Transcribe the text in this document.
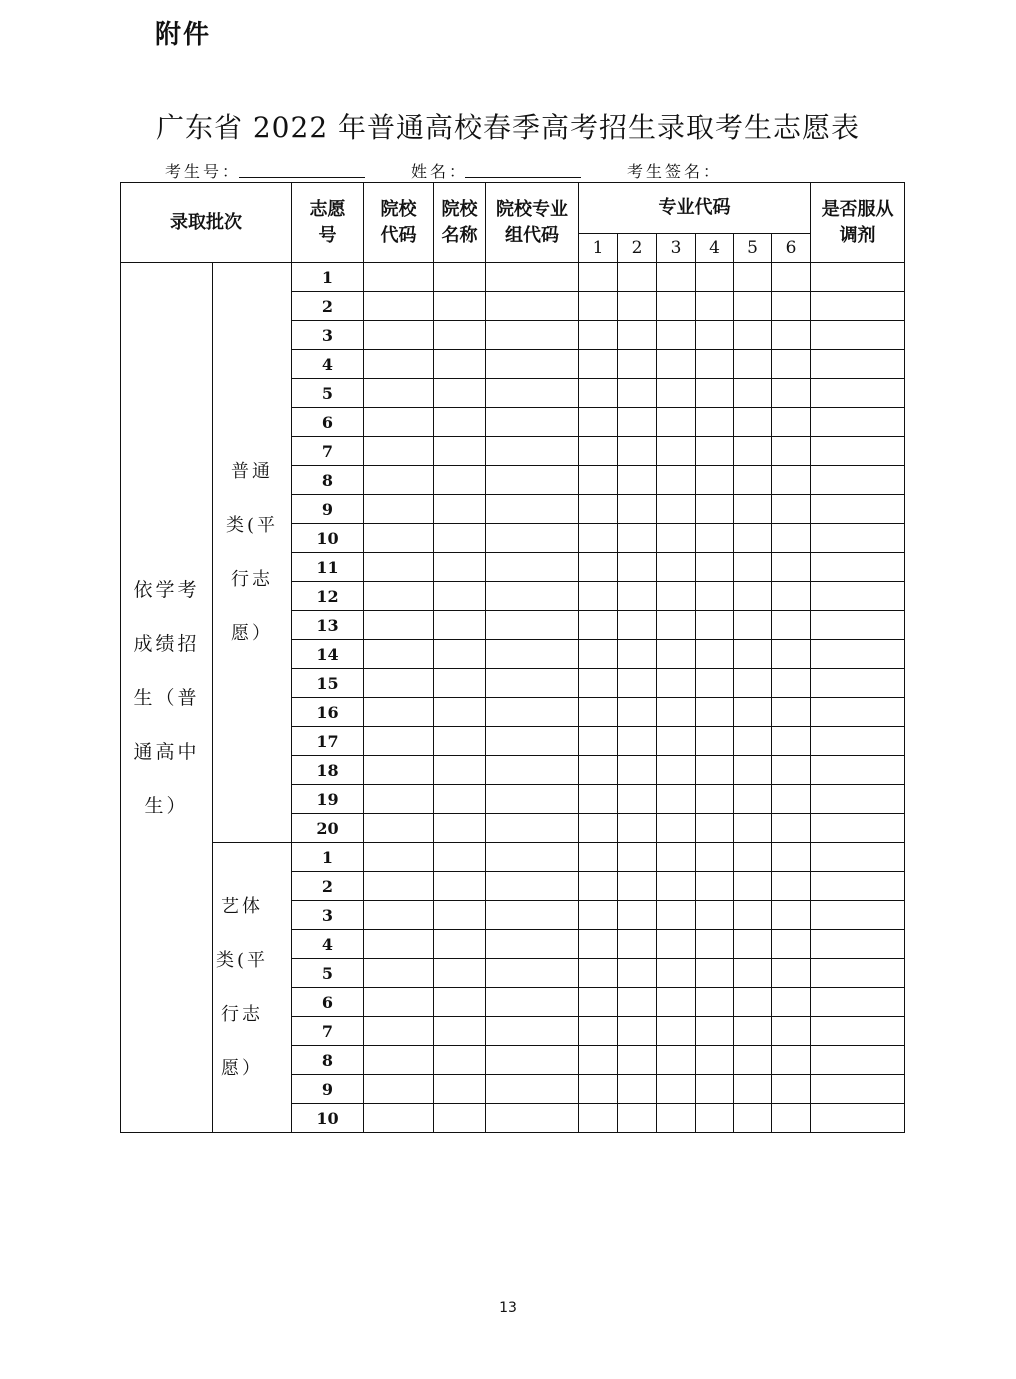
附件
广东省 2022 年普通高校春季高考招生录取考生志愿表
考生号：	姓名：	考生签名：
录取批次		志愿号	院校代码	院校名称	院校专业组代码	专业代码						是否服从调剂
						1	2	3	4	5	6	
依学考成绩招生（普通高中生）	普通类(平行志愿）	1										
		2										
		3										
		4										
		5										
		6										
		7										
		8										
		9										
		10										
		11										
		12										
		13										
		14										
		15										
		16										
		17										
		18										
		19										
		20										
	艺体类(平行志愿）	1										
		2										
		3										
		4										
		5										
		6										
		7										
		8										
		9										
		10										
13
